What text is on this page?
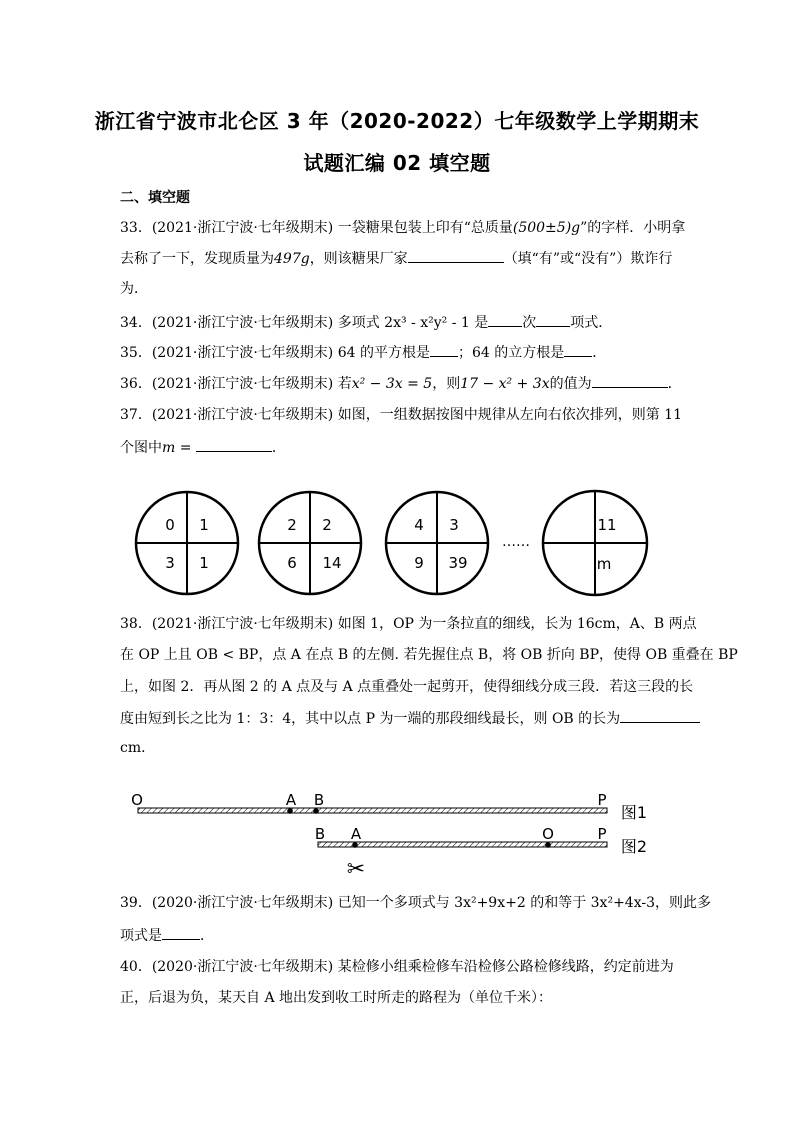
浙江省宁波市北仑区 3 年（2020-2022）七年级数学上学期期末
试题汇编 02 填空题
二、填空题
33．(2021·浙江宁波·七年级期末) 一袋糖果包装上印有“总质量(500±5)g”的字样．小明拿
去称了一下，发现质量为497g，则该糖果厂家	（填“有”或“没有”）欺诈行
为．
34．(2021·浙江宁波·七年级期末) 多项式 2x³ - x²y² - 1 是 次 项式．
35．(2021·浙江宁波·七年级期末) 64 的平方根是 ；64 的立方根是 ．
36．(2021·浙江宁波·七年级期末) 若x² − 3x = 5，则17 − x² + 3x的值为	．
37．(2021·浙江宁波·七年级期末) 如图，一组数据按图中规律从左向右依次排列，则第 11
个图中m =	．
0 1
3 1
2 2
6 14
4 3
9 39
……
11
m
38．(2021·浙江宁波·七年级期末) 如图 1，OP 为一条拉直的细线，长为 16cm，A、B 两点
在 OP 上且 OB < BP，点 A 在点 B 的左侧. 若先握住点 B，将 OB 折向 BP，使得 OB 重叠在 BP
上，如图 2．再从图 2 的 A 点及与 A 点重叠处一起剪开，使得细线分成三段．若这三段的长
度由短到长之比为 1：3：4，其中以点 P 为一端的那段细线最长，则 OB 的长为
cm．
O	A B	P
图1
B A	O	P
图2
✂
39．(2020·浙江宁波·七年级期末) 已知一个多项式与 3x²+9x+2 的和等于 3x²+4x-3，则此多
项式是	．
40．(2020·浙江宁波·七年级期末) 某检修小组乘检修车沿检修公路检修线路，约定前进为
正，后退为负，某天自 A 地出发到收工时所走的路程为（单位千米）：
